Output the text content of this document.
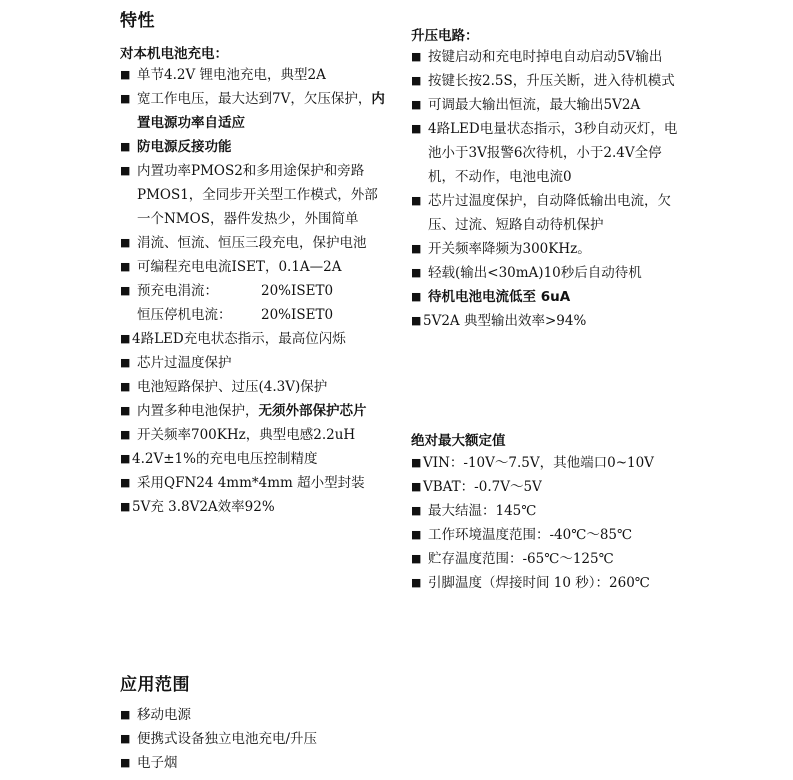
特性
对本机电池充电：
■ 单节4.2V 锂电池充电，典型2A
■ 宽工作电压，最大达到7V，欠压保护，内置电源功率自适应
■ 防电源反接功能
■ 内置功率PMOS2和多用途保护和旁路PMOS1，全同步开关型工作模式，外部一个NMOS，器件发热少，外围简单
■ 涓流、恒流、恒压三段充电，保护电池
■ 可编程充电电流ISET，0.1A—2A
■ 预充电涓流：	20%ISET0
恒压停机电流： 20%ISET0
■ 4路LED充电状态指示，最高位闪烁
■ 芯片过温度保护
■ 电池短路保护、过压(4.3V)保护
■ 内置多种电池保护，无须外部保护芯片
■ 开关频率700KHz，典型电感2.2uH
■ 4.2V±1%的充电电压控制精度
■ 采用QFN24 4mm*4mm 超小型封装
■ 5V充 3.8V2A效率92%
应用范围
■ 移动电源
■ 便携式设备独立电池充电/升压
■ 电子烟
升压电路：
■ 按键启动和充电时掉电自动启动5V输出
■ 按键长按2.5S，升压关断，进入待机模式
■ 可调最大输出恒流，最大输出5V2A
■ 4路LED电量状态指示，3秒自动灭灯，电池小于3V报警6次待机，小于2.4V全停机，不动作，电池电流0
■ 芯片过温度保护，自动降低输出电流，欠压、过流、短路自动待机保护
■ 开关频率降频为300KHz。
■ 轻载(输出<30mA)10秒后自动待机
■ 待机电池电流低至 6uA
■ 5V2A 典型输出效率>94%
绝对最大额定值
■ VIN：-10V～7.5V，其他端口0~10V
■ VBAT：-0.7V～5V
■ 最大结温：145℃
■ 工作环境温度范围：-40℃～85℃
■ 贮存温度范围：-65℃～125℃
■ 引脚温度（焊接时间 10 秒）：260℃
